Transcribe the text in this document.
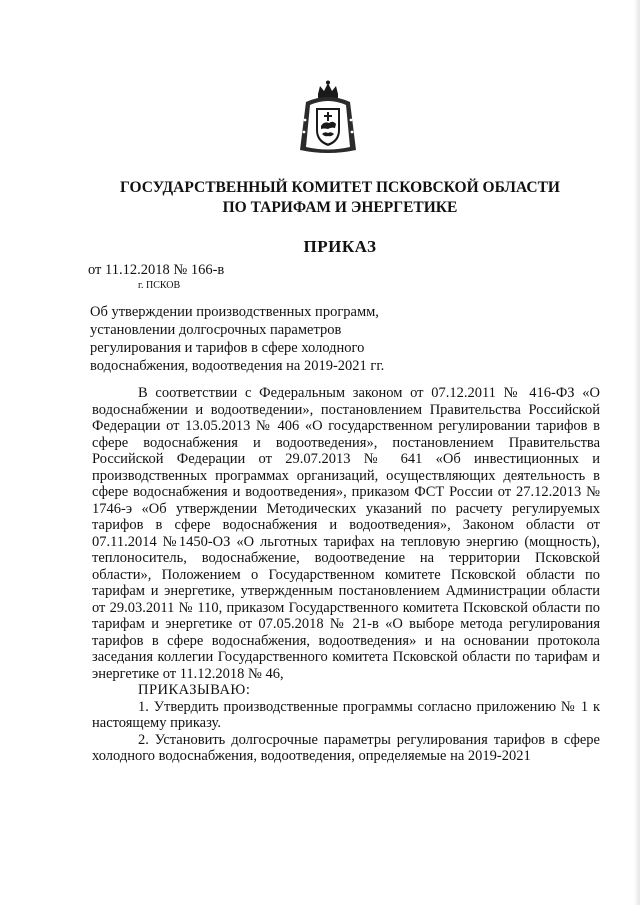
ГОСУДАРСТВЕННЫЙ КОМИТЕТ ПСКОВСКОЙ ОБЛАСТИ
ПО ТАРИФАМ И ЭНЕРГЕТИКЕ
ПРИКАЗ
от 11.12.2018 № 166-в
г. ПСКОВ
Об утверждении производственных программ, установлении долгосрочных параметров регулирования и тарифов в сфере холодного водоснабжения, водоотведения на 2019-2021 гг.

В соответствии с Федеральным законом от 07.12.2011 № 416-ФЗ «О водоснабжении и водоотведении», постановлением Правительства Российской Федерации от 13.05.2013 № 406 «О государственном регулировании тарифов в сфере водоснабжения и водоотведения», постановлением Правительства Российской Федерации от 29.07.2013 № 641 «Об инвестиционных и производственных программах организаций, осуществляющих деятельность в сфере водоснабжения и водоотведения», приказом ФСТ России от 27.12.2013 № 1746-э «Об утверждении Методических указаний по расчету регулируемых тарифов в сфере водоснабжения и водоотведения», Законом области от 07.11.2014 №1450-ОЗ «О льготных тарифах на тепловую энергию (мощность), теплоноситель, водоснабжение, водоотведение на территории Псковской области», Положением о Государственном комитете Псковской области по тарифам и энергетике, утвержденным постановлением Администрации области от 29.03.2011 № 110, приказом Государственного комитета Псковской области по тарифам и энергетике от 07.05.2018 № 21-в «О выборе метода регулирования тарифов в сфере водоснабжения, водоотведения» и на основании протокола заседания коллегии Государственного комитета Псковской области по тарифам и энергетике от 11.12.2018 № 46,

ПРИКАЗЫВАЮ:

1. Утвердить производственные программы согласно приложению № 1 к настоящему приказу.

2. Установить долгосрочные параметры регулирования тарифов в сфере холодного водоснабжения, водоотведения, определяемые на 2019-2021
